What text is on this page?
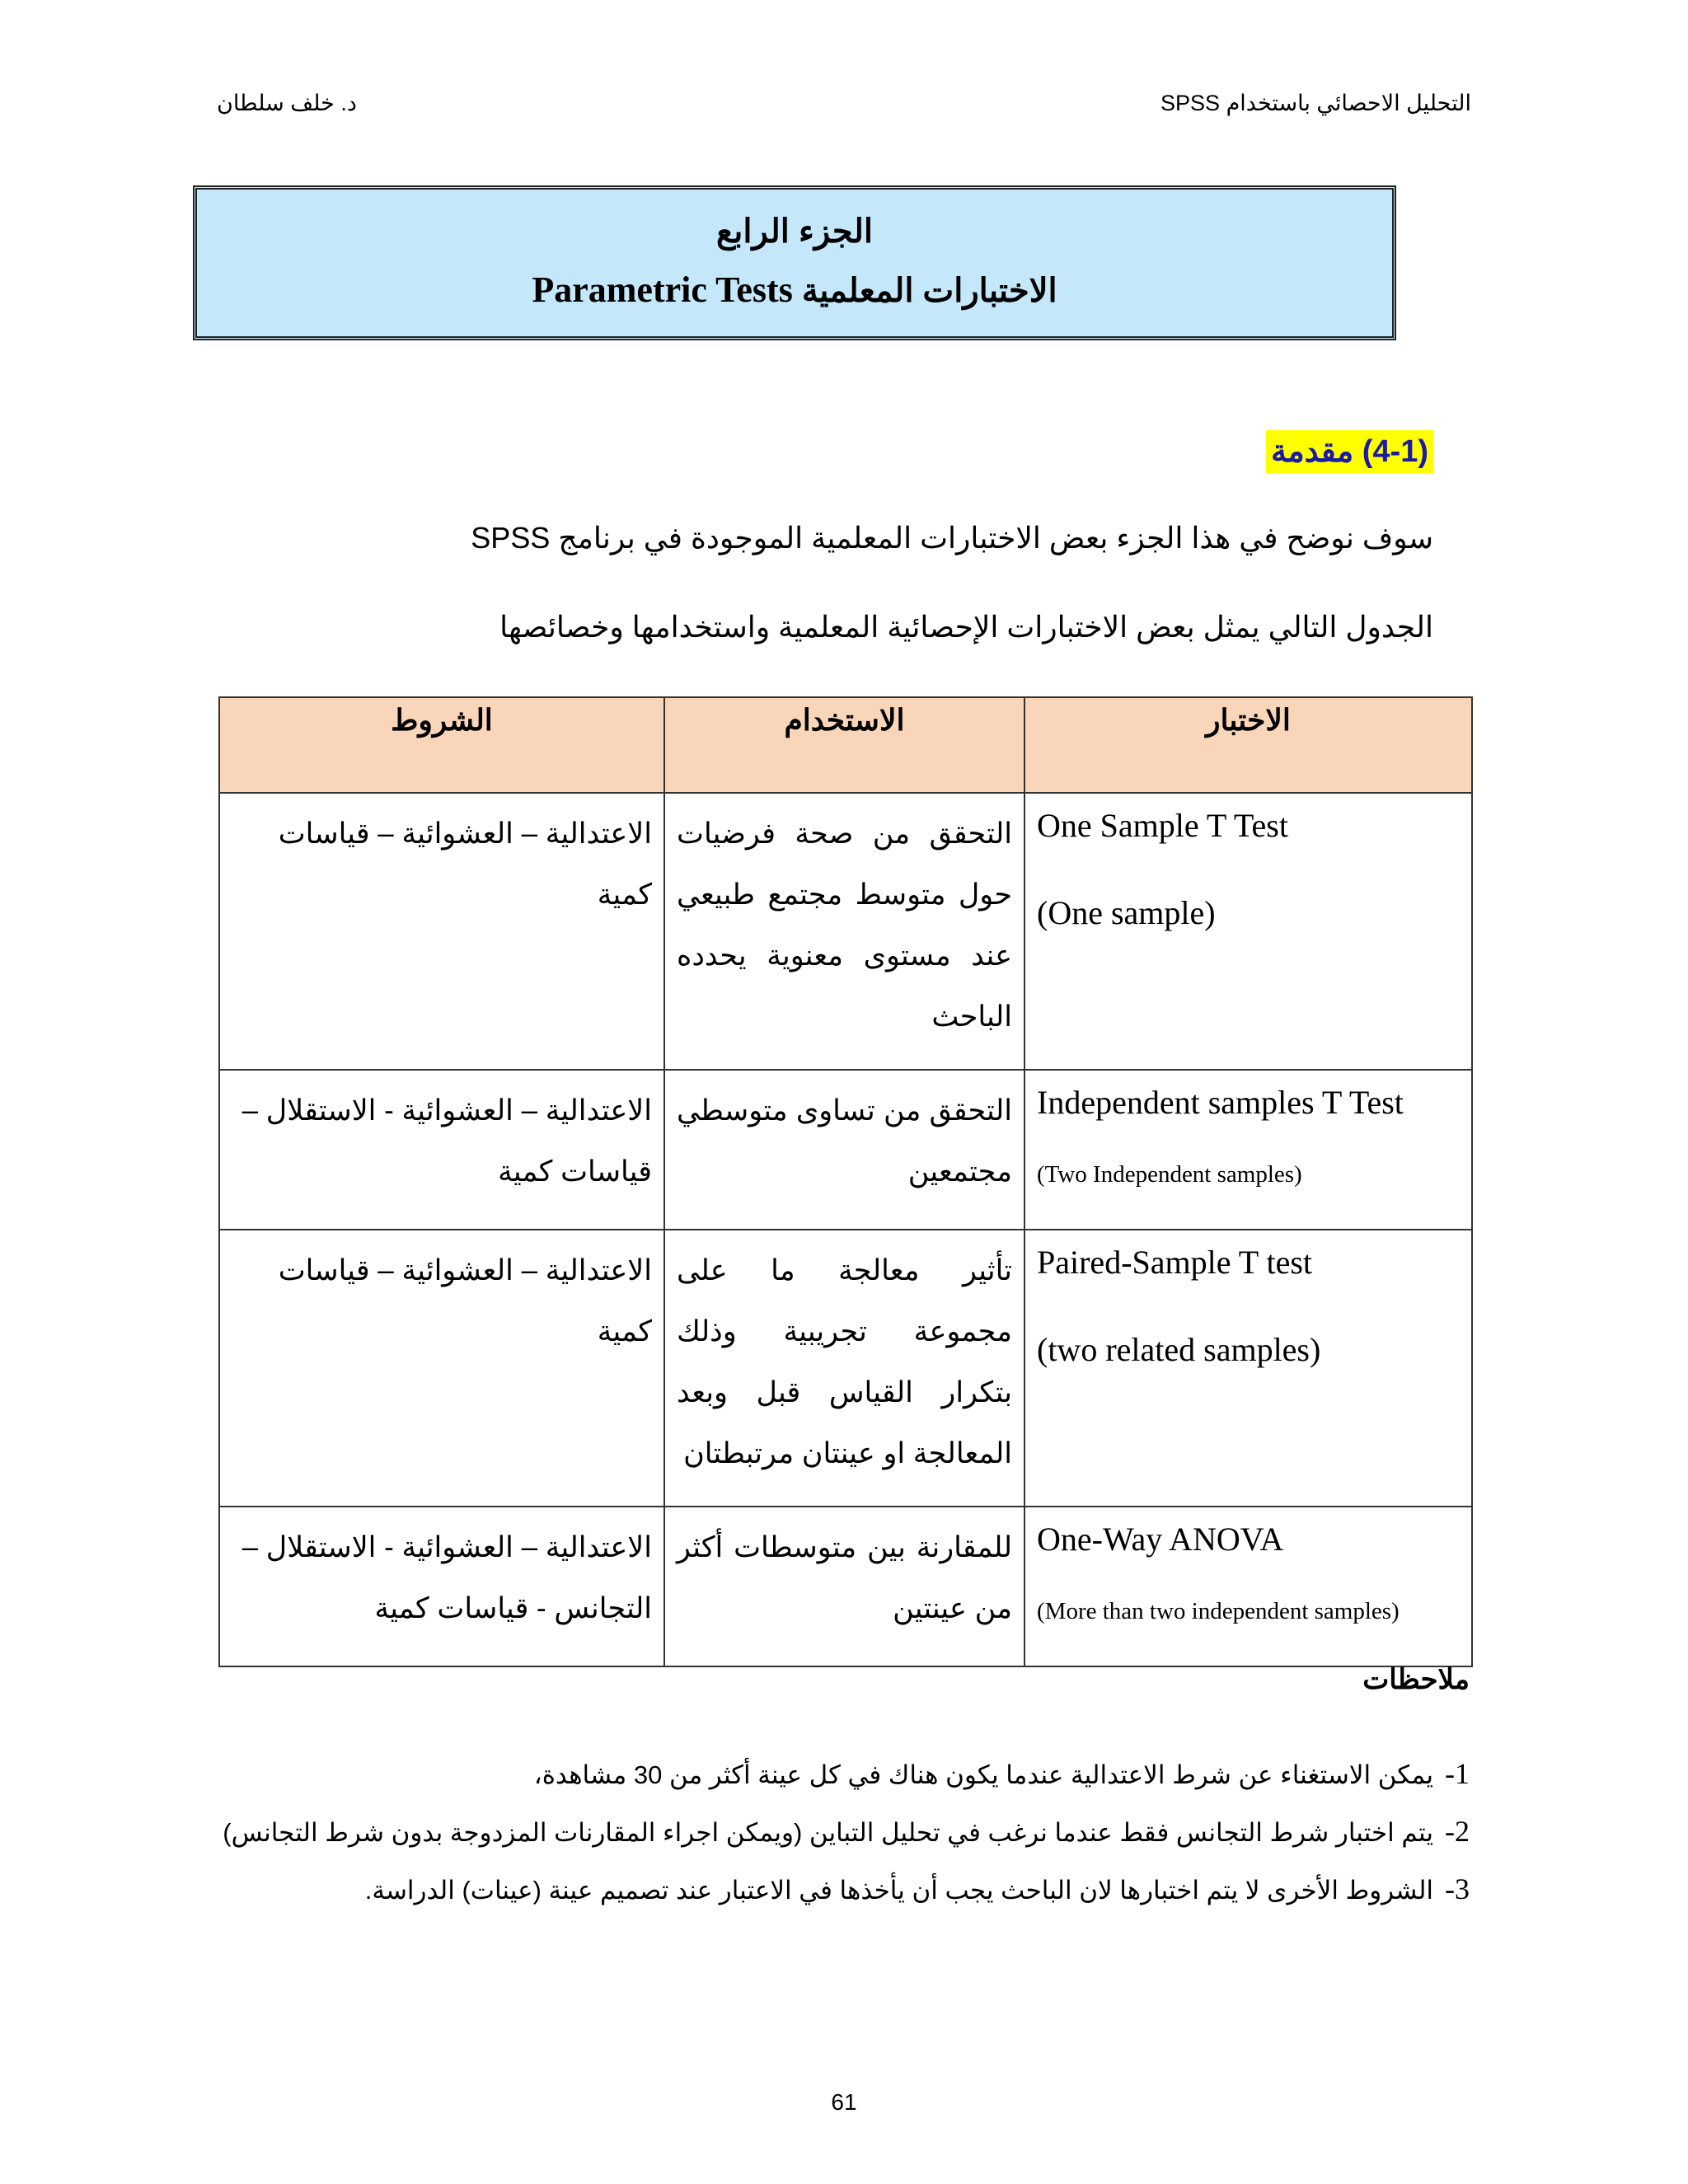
التحليل الاحصائي باستخدام SPSS
د. خلف سلطان
الجزء الرابع
الاختبارات المعلمية Parametric Tests
(4-1) مقدمة
سوف نوضح في هذا الجزء بعض الاختبارات المعلمية الموجودة في برنامج SPSS
الجدول التالي يمثل بعض الاختبارات الإحصائية المعلمية واستخدامها وخصائصها
الاختبار	الاستخدام	الشروط

One Sample T Test
(One sample)	التحقق من صحة فرضيات حول متوسط مجتمع طبيعي عند مستوى معنوية يحدده الباحث	الاعتدالية – العشوائية – قياسات كمية

Independent samples T Test
(Two Independent samples)	التحقق من تساوى متوسطي مجتمعين	الاعتدالية – العشوائية - الاستقلال – قياسات كمية

Paired-Sample T test
(two related samples)	تأثير معالجة ما على مجموعة تجريبية وذلك بتكرار القياس قبل وبعد المعالجة او عينتان مرتبطتان	الاعتدالية – العشوائية – قياسات كمية

One-Way ANOVA
(More than two independent samples)	للمقارنة بين متوسطات أكثر من عينتين	الاعتدالية – العشوائية - الاستقلال – التجانس - قياسات كمية
ملاحظات
1-يمكن الاستغناء عن شرط الاعتدالية عندما يكون هناك في كل عينة أكثر من 30 مشاهدة،
2-يتم اختبار شرط التجانس فقط عندما نرغب في تحليل التباين (ويمكن اجراء المقارنات المزدوجة بدون شرط التجانس)
3-الشروط الأخرى لا يتم اختبارها لان الباحث يجب أن يأخذها في الاعتبار عند تصميم عينة (عينات) الدراسة.
61
